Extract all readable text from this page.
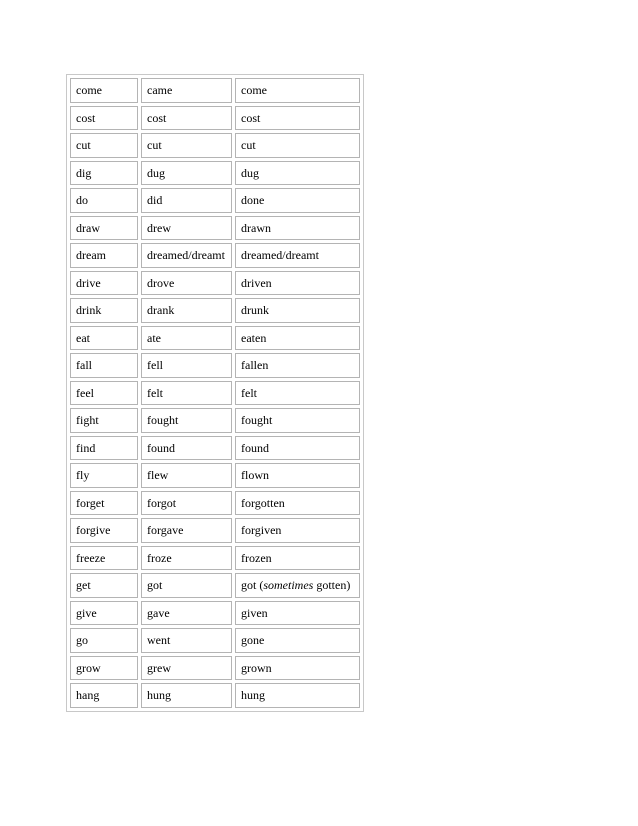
come	came	come
cost	cost	cost
cut	cut	cut
dig	dug	dug
do	did	done
draw	drew	drawn
dream	dreamed/dreamt	dreamed/dreamt
drive	drove	driven
drink	drank	drunk
eat	ate	eaten
fall	fell	fallen
feel	felt	felt
fight	fought	fought
find	found	found
fly	flew	flown
forget	forgot	forgotten
forgive	forgave	forgiven
freeze	froze	frozen
get	got	got (sometimes gotten)
give	gave	given
go	went	gone
grow	grew	grown
hang	hung	hung
